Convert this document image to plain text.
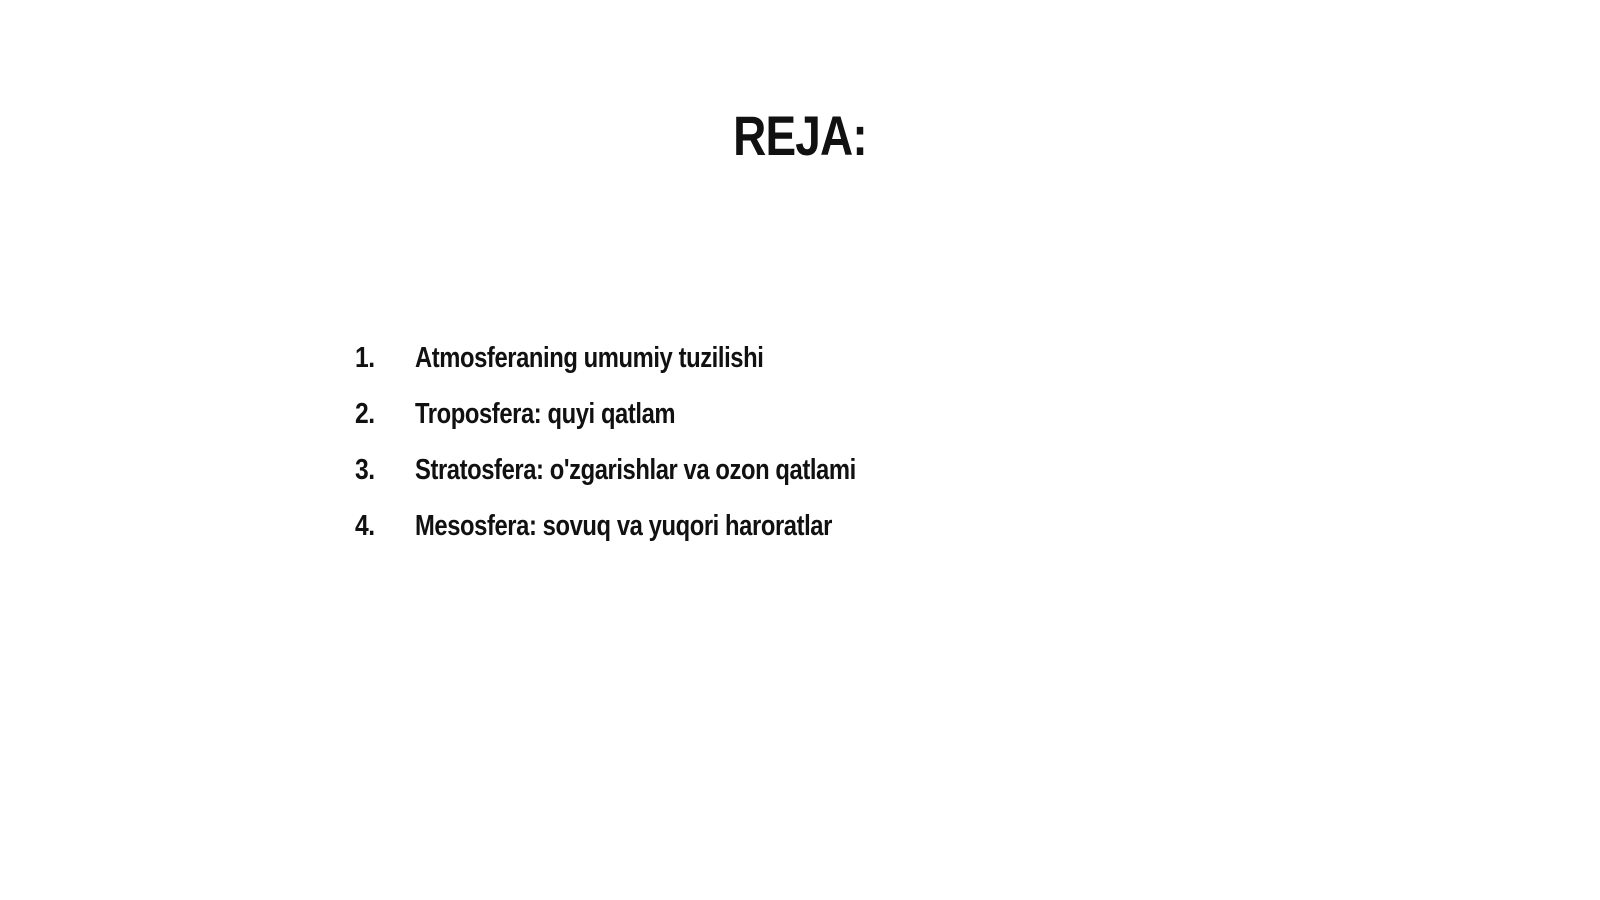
REJA:
1.	Atmosferaning umumiy tuzilishi
2.	Troposfera: quyi qatlam
3.	Stratosfera: o'zgarishlar va ozon qatlami
4.	Mesosfera: sovuq va yuqori haroratlar
